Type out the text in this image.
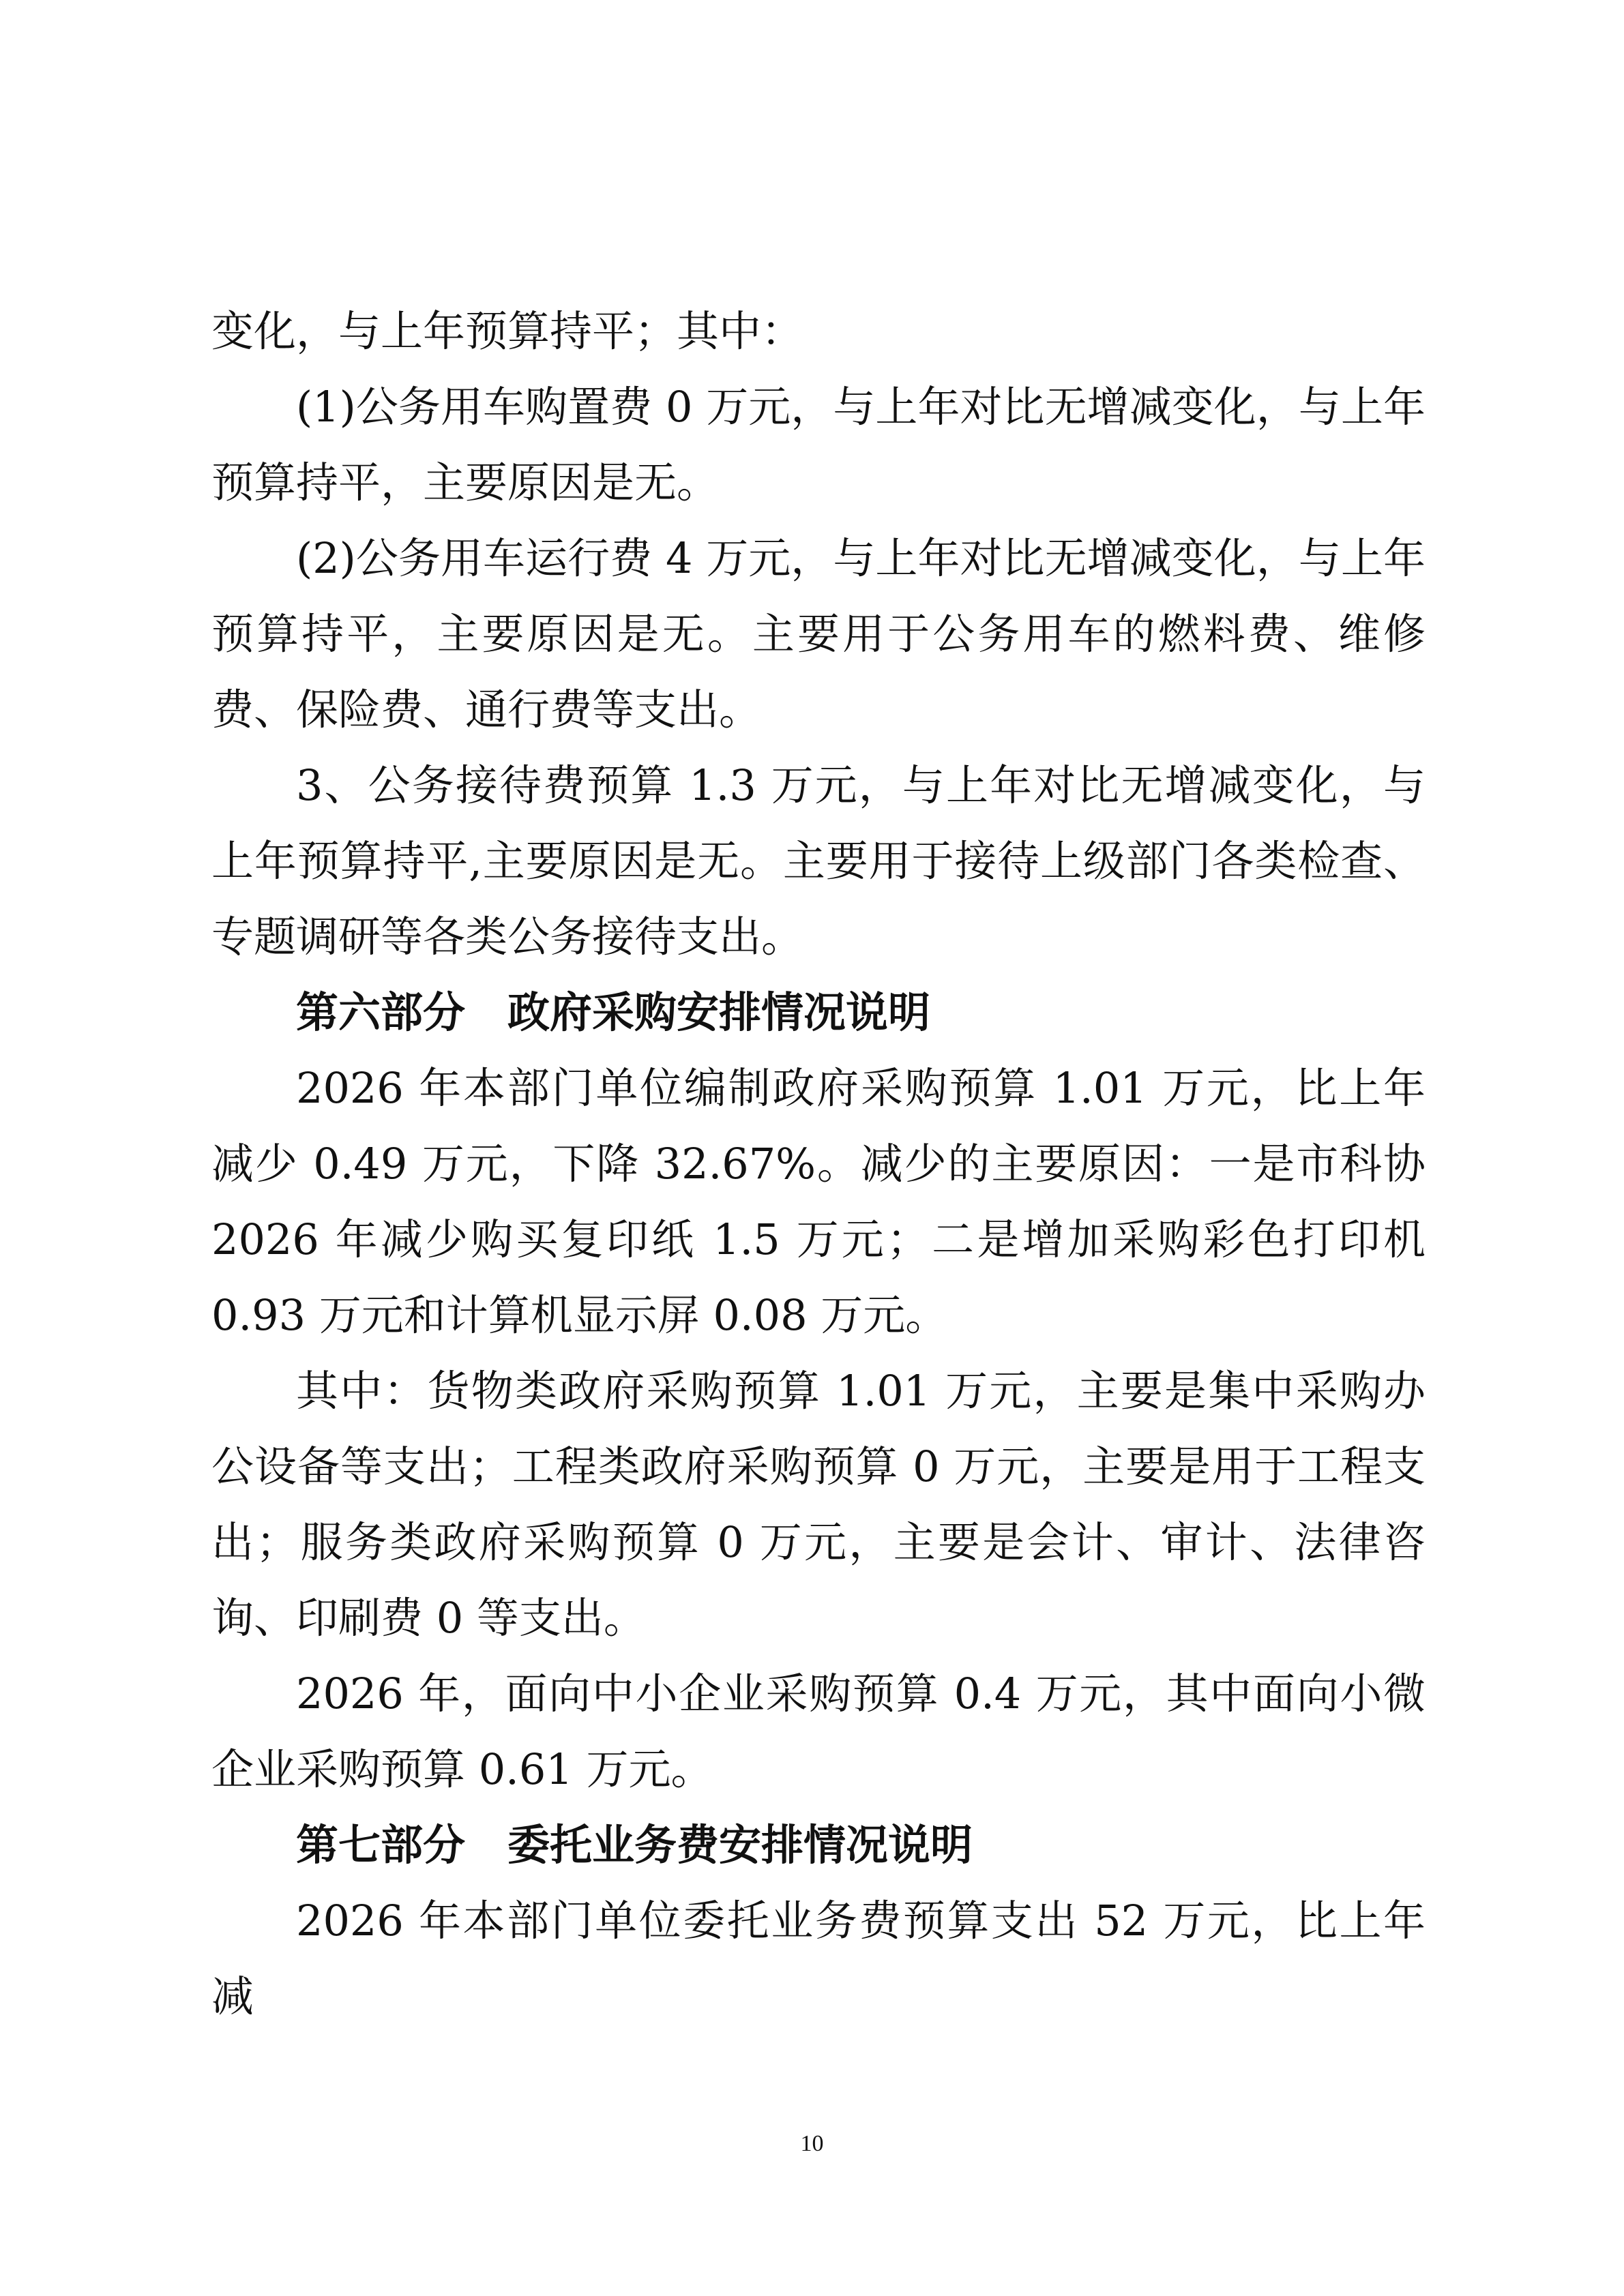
变化，与上年预算持平；其中：

(1)公务用车购置费 0 万元，与上年对比无增减变化，与上年预算持平，主要原因是无。

(2)公务用车运行费 4 万元，与上年对比无增减变化，与上年预算持平，主要原因是无。主要用于公务用车的燃料费、维修费、保险费、通行费等支出。

3、公务接待费预算 1.3 万元，与上年对比无增减变化，与上年预算持平,主要原因是无。主要用于接待上级部门各类检查、专题调研等各类公务接待支出。

第六部分　政府采购安排情况说明

2026 年本部门单位编制政府采购预算 1.01 万元，比上年减少 0.49 万元，下降 32.67%。减少的主要原因：一是市科协 2026 年减少购买复印纸 1.5 万元；二是增加采购彩色打印机 0.93 万元和计算机显示屏 0.08 万元。

其中：货物类政府采购预算 1.01 万元，主要是集中采购办公设备等支出；工程类政府采购预算 0 万元，主要是用于工程支出；服务类政府采购预算 0 万元，主要是会计、审计、法律咨询、印刷费 0 等支出。

2026 年，面向中小企业采购预算 0.4 万元，其中面向小微企业采购预算 0.61 万元。

第七部分　委托业务费安排情况说明

2026 年本部门单位委托业务费预算支出 52 万元，比上年减

10
